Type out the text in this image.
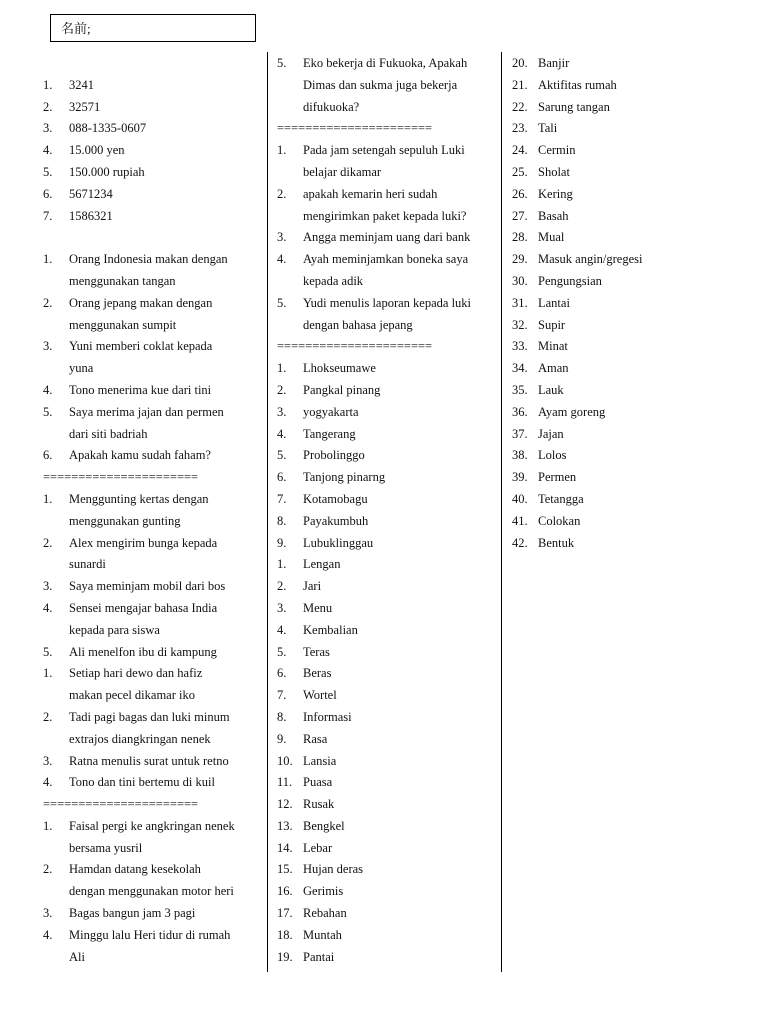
名前;
1. 3241
2. 32571
3. 088-1335-0607
4. 15.000 yen
5. 150.000 rupiah
6. 5671234
7. 1586321
1. Orang Indonesia makan dengan
menggunakan tangan
2. Orang jepang makan dengan
menggunakan sumpit
3. Yuni memberi coklat kepada
yuna
4. Tono menerima kue dari tini
5. Saya merima jajan dan permen
dari siti badriah
6. Apakah kamu sudah faham?
======================
1. Menggunting kertas dengan
menggunakan gunting
2. Alex mengirim bunga kepada
sunardi
3. Saya meminjam mobil dari bos
4. Sensei mengajar bahasa India
kepada para siswa
5. Ali menelfon ibu di kampung
1. Setiap hari dewo dan hafiz
makan pecel dikamar iko
2. Tadi pagi bagas dan luki minum
extrajos diangkringan nenek
3. Ratna menulis surat untuk retno
4. Tono dan tini bertemu di kuil
======================
1. Faisal pergi ke angkringan nenek
bersama yusril
2. Hamdan datang kesekolah
dengan menggunakan motor heri
3. Bagas bangun jam 3 pagi
4. Minggu lalu Heri tidur di rumah
Ali
5. Eko bekerja di Fukuoka, Apakah
Dimas dan sukma juga bekerja
difukuoka?
======================
1. Pada jam setengah sepuluh Luki
belajar dikamar
2. apakah kemarin heri sudah
mengirimkan paket kepada luki?
3. Angga meminjam uang dari bank
4. Ayah meminjamkan boneka saya
kepada adik
5. Yudi menulis laporan kepada luki
dengan bahasa jepang
======================
1. Lhokseumawe
2. Pangkal pinang
3. yogyakarta
4. Tangerang
5. Probolinggo
6. Tanjong pinarng
7. Kotamobagu
8. Payakumbuh
9. Lubuklinggau
1. Lengan
2. Jari
3. Menu
4. Kembalian
5. Teras
6. Beras
7. Wortel
8. Informasi
9. Rasa
10. Lansia
11. Puasa
12. Rusak
13. Bengkel
14. Lebar
15. Hujan deras
16. Gerimis
17. Rebahan
18. Muntah
19. Pantai
20. Banjir
21. Aktifitas rumah
22. Sarung tangan
23. Tali
24. Cermin
25. Sholat
26. Kering
27. Basah
28. Mual
29. Masuk angin/gregesi
30. Pengungsian
31. Lantai
32. Supir
33. Minat
34. Aman
35. Lauk
36. Ayam goreng
37. Jajan
38. Lolos
39. Permen
40. Tetangga
41. Colokan
42. Bentuk
